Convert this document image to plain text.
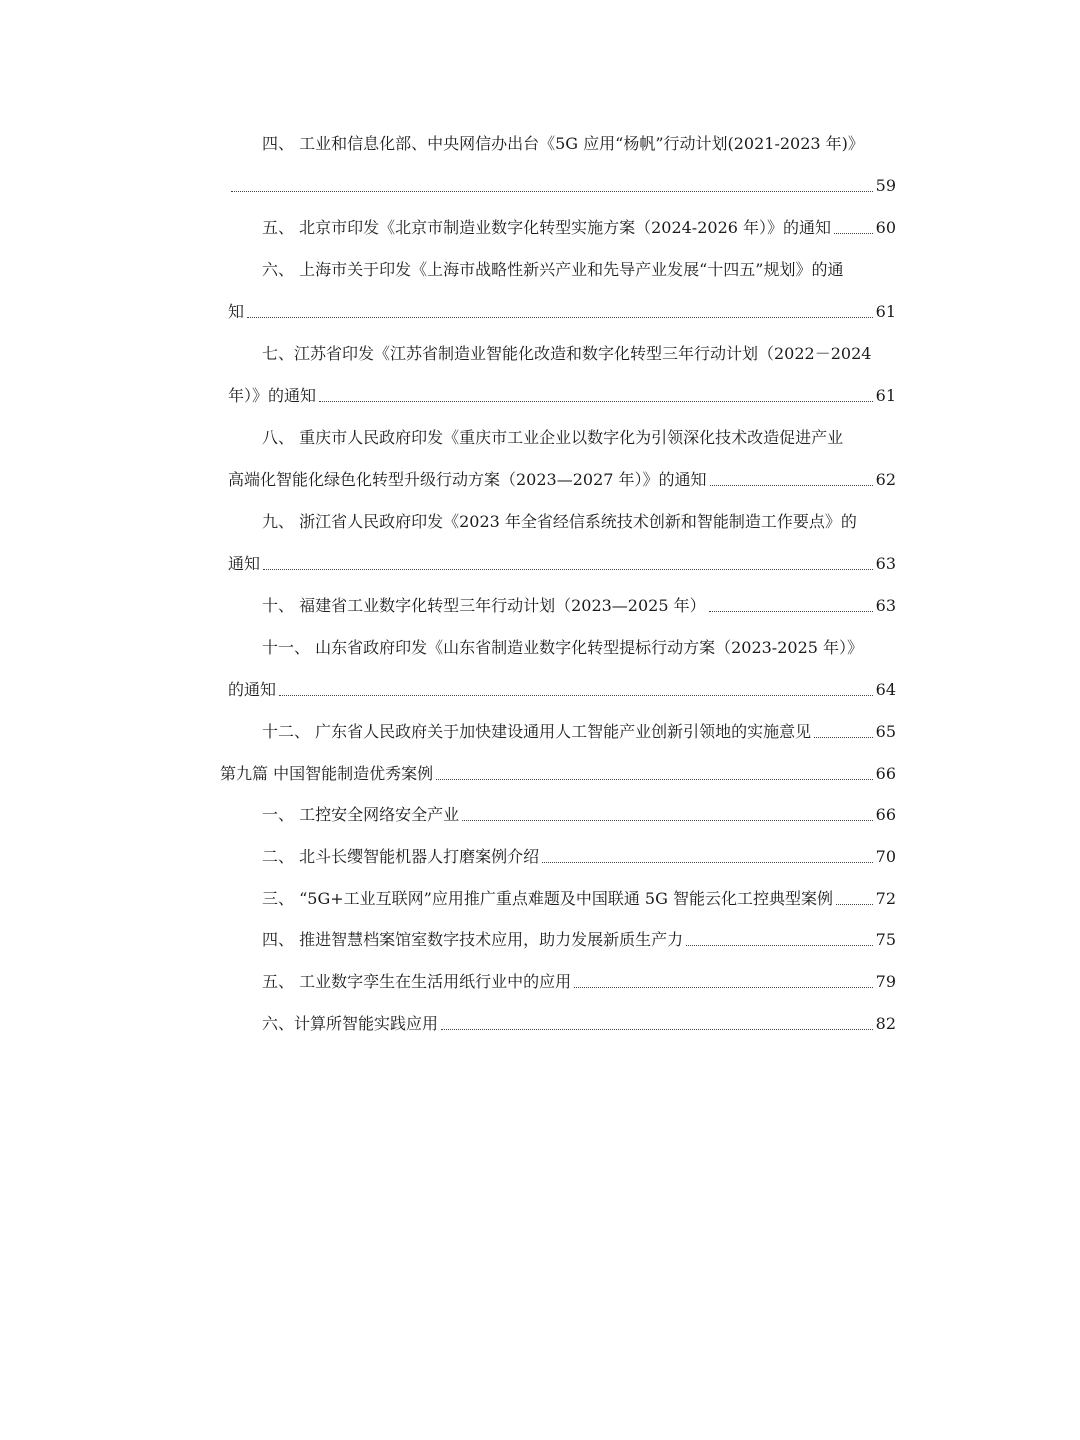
四、 工业和信息化部、中央网信办出台《5G 应用“杨帆”行动计划(2021-2023 年)》
59
五、 北京市印发《北京市制造业数字化转型实施方案（2024-2026 年）》的通知	60
六、 上海市关于印发《上海市战略性新兴产业和先导产业发展“十四五”规划》的通
知	61
七、江苏省印发《江苏省制造业智能化改造和数字化转型三年行动计划（2022－2024
年）》的通知	61
八、 重庆市人民政府印发《重庆市工业企业以数字化为引领深化技术改造促进产业
高端化智能化绿色化转型升级行动方案（2023—2027 年）》的通知	62
九、 浙江省人民政府印发《2023 年全省经信系统技术创新和智能制造工作要点》的
通知	63
十、 福建省工业数字化转型三年行动计划（2023—2025 年）	63
十一、 山东省政府印发《山东省制造业数字化转型提标行动方案（2023-2025 年）》
的通知	64
十二、 广东省人民政府关于加快建设通用人工智能产业创新引领地的实施意见	65
第九篇 中国智能制造优秀案例	66
一、 工控安全网络安全产业	66
二、 北斗长缨智能机器人打磨案例介绍	70
三、 “5G+工业互联网”应用推广重点难题及中国联通 5G 智能云化工控典型案例	72
四、 推进智慧档案馆室数字技术应用，助力发展新质生产力	75
五、 工业数字孪生在生活用纸行业中的应用	79
六、计算所智能实践应用	82
